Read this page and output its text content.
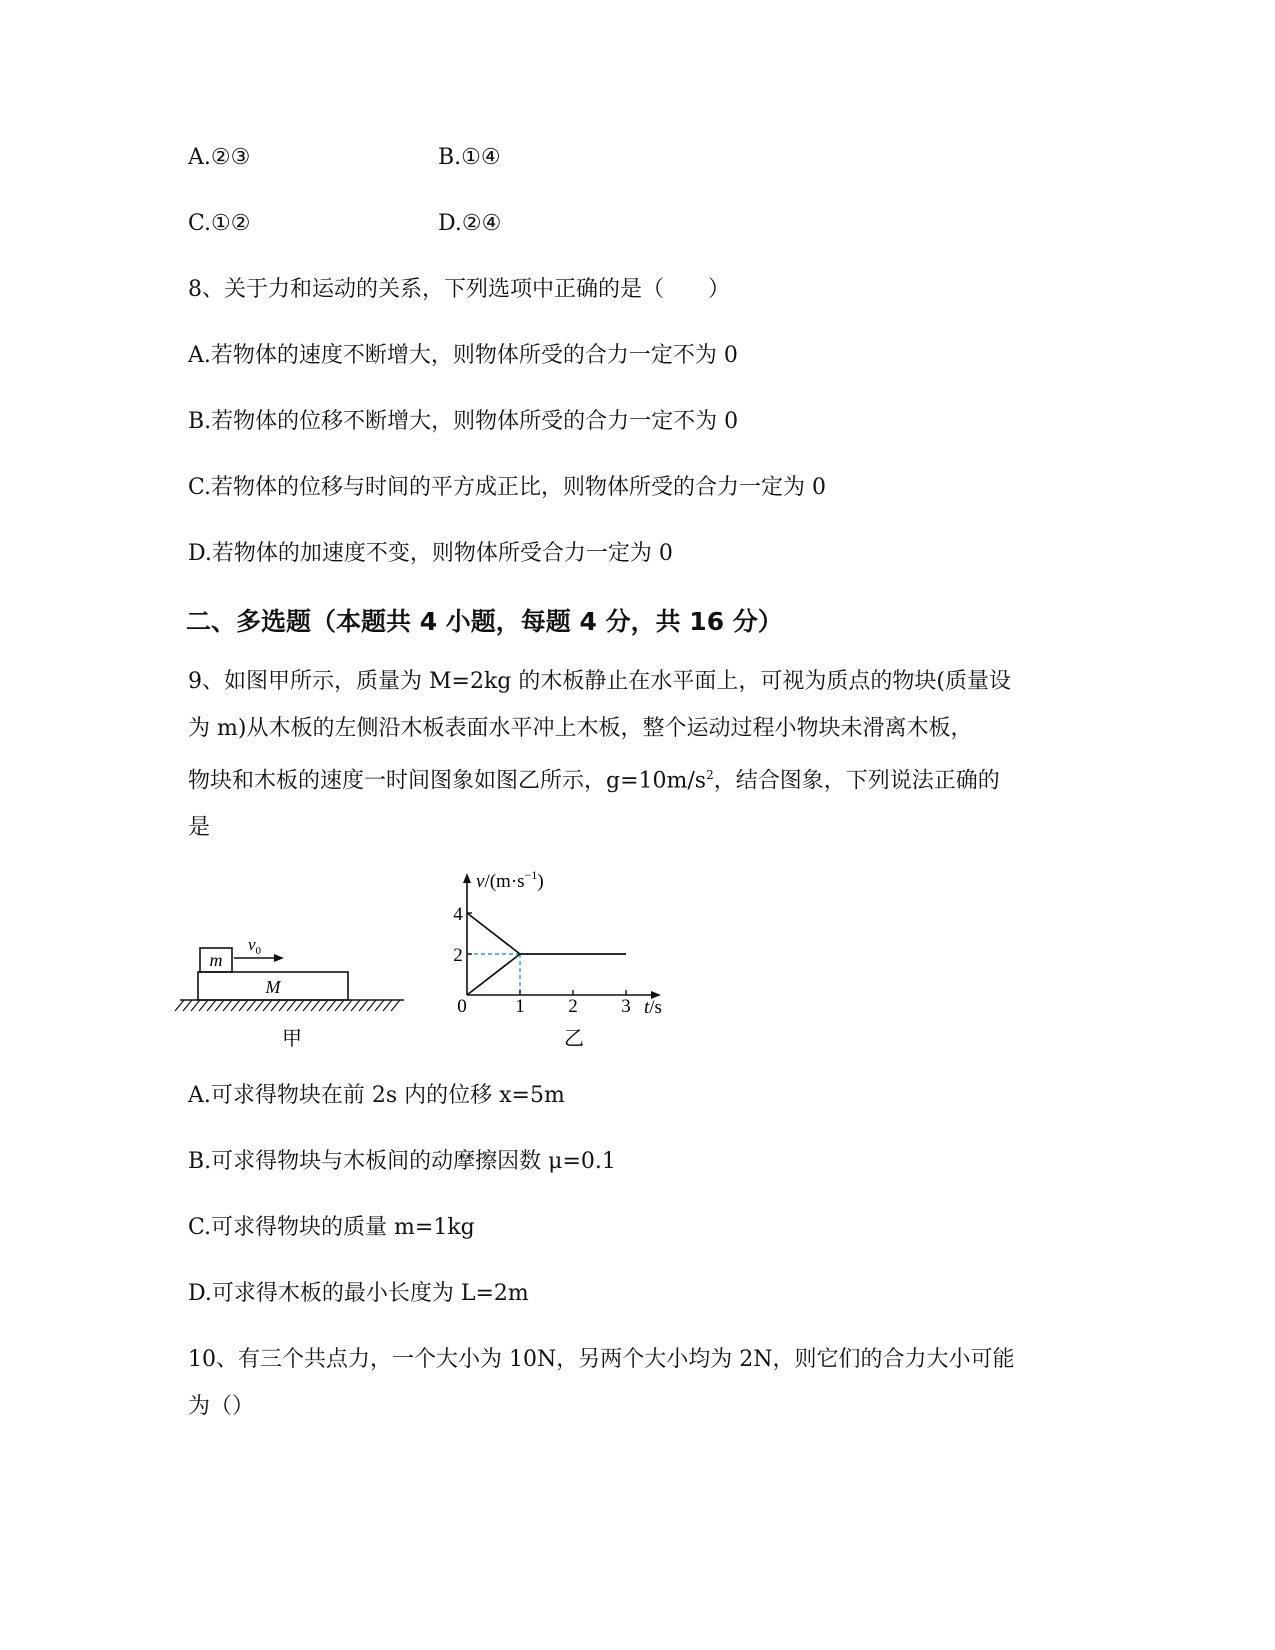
A.②③	B.①④
C.①②	D.②④
8、关于力和运动的关系，下列选项中正确的是（　　）
A.若物体的速度不断增大，则物体所受的合力一定不为 0
B.若物体的位移不断增大，则物体所受的合力一定不为 0
C.若物体的位移与时间的平方成正比，则物体所受的合力一定为 0
D.若物体的加速度不变，则物体所受合力一定为 0
二、多选题（本题共 4 小题，每题 4 分，共 16 分）
9、如图甲所示，质量为 M=2kg 的木板静止在水平面上，可视为质点的物块(质量设
为 m)从木板的左侧沿木板表面水平冲上木板，整个运动过程小物块未滑离木板，
物块和木板的速度一时间图象如图乙所示，$g=10m/s^2$，结合图象，下列说法正确的
是
m
M
$v_0$
甲
$v/(m\cdot s^{-1})$
t/s
0
4
2
1 2 3
乙
A.可求得物块在前 2s 内的位移 x=5m
B.可求得物块与木板间的动摩擦因数 μ=0.1
C.可求得物块的质量 m=1kg
D.可求得木板的最小长度为 L=2m
10、有三个共点力，一个大小为 10N，另两个大小均为 2N，则它们的合力大小可能
为（）
